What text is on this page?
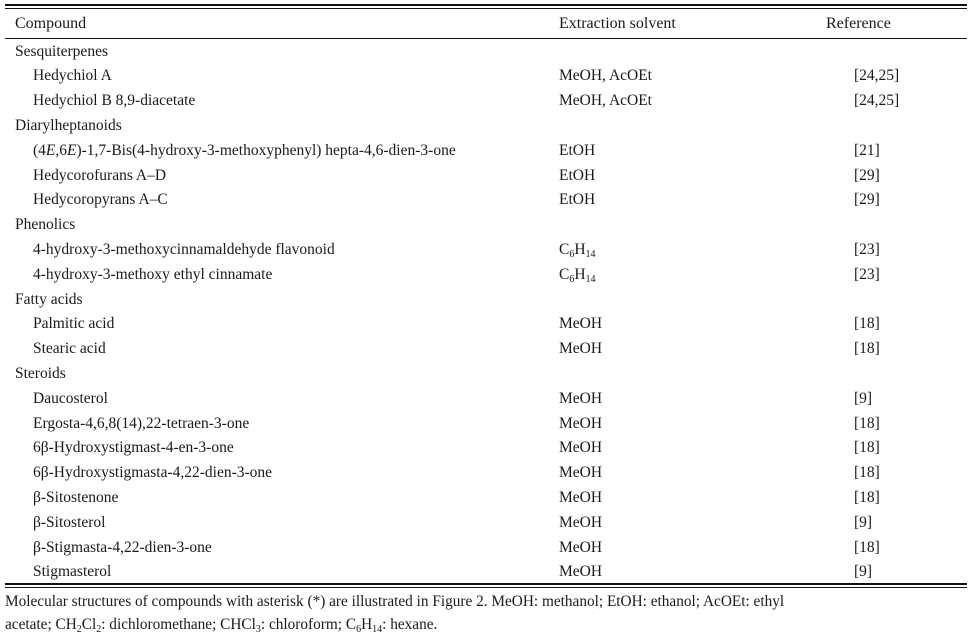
Compound	Extraction solvent	Reference
Sesquiterpenes
Hedychiol A	MeOH, AcOEt	[24,25]
Hedychiol B 8,9-diacetate	MeOH, AcOEt	[24,25]
Diarylheptanoids
(4E,6E)-1,7-Bis(4-hydroxy-3-methoxyphenyl) hepta-4,6-dien-3-one	EtOH	[21]
Hedycorofurans A–D	EtOH	[29]
Hedycoropyrans A–C	EtOH	[29]
Phenolics
4-hydroxy-3-methoxycinnamaldehyde flavonoid	$C_6H_{14}$	[23]
4-hydroxy-3-methoxy ethyl cinnamate	$C_6H_{14}$	[23]
Fatty acids
Palmitic acid	MeOH	[18]
Stearic acid	MeOH	[18]
Steroids
Daucosterol	MeOH	[9]
Ergosta-4,6,8(14),22-tetraen-3-one	MeOH	[18]
6β-Hydroxystigmast-4-en-3-one	MeOH	[18]
6β-Hydroxystigmasta-4,22-dien-3-one	MeOH	[18]
β-Sitostenone	MeOH	[18]
β-Sitosterol	MeOH	[9]
β-Stigmasta-4,22-dien-3-one	MeOH	[18]
Stigmasterol	MeOH	[9]
Molecular structures of compounds with asterisk (*) are illustrated in Figure 2. MeOH: methanol; EtOH: ethanol; AcOEt: ethyl
acetate; $CH_2Cl_2$: dichloromethane; CHCl$_3$: chloroform; $C_6H_{14}$: hexane.
